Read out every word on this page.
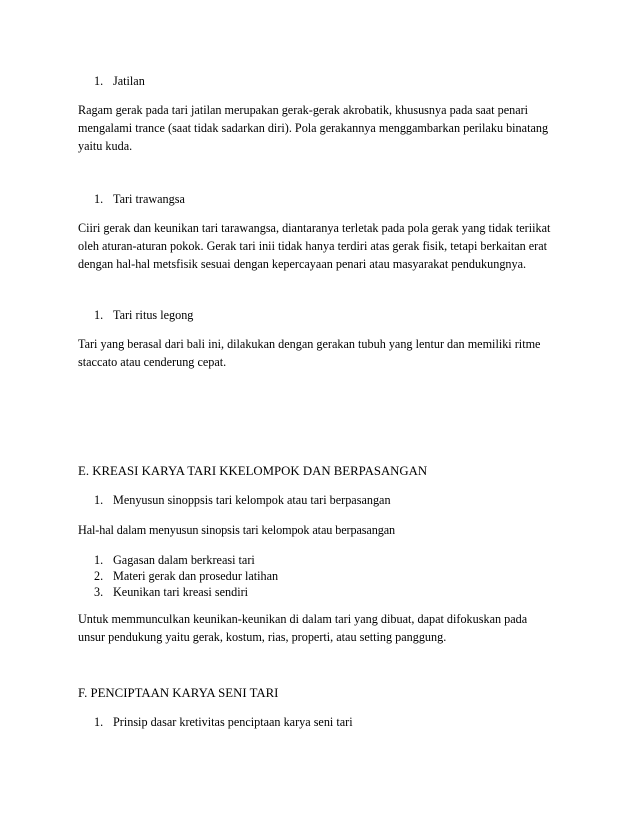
1. Jatilan
Ragam gerak pada tari jatilan merupakan gerak-gerak akrobatik, khususnya pada saat penari
mengalami trance (saat tidak sadarkan diri). Pola gerakannya menggambarkan perilaku binatang
yaitu kuda.
1. Tari trawangsa
Ciiri gerak dan keunikan tari tarawangsa, diantaranya terletak pada pola gerak yang tidak teriikat
oleh aturan-aturan pokok. Gerak tari inii tidak hanya terdiri atas gerak fisik, tetapi berkaitan erat
dengan hal-hal metsfisik sesuai dengan kepercayaan penari atau masyarakat pendukungnya.
1. Tari ritus legong
Tari yang berasal dari bali ini, dilakukan dengan gerakan tubuh yang lentur dan memiliki ritme
staccato atau cenderung cepat.
E. KREASI KARYA TARI KKELOMPOK DAN BERPASANGAN
1. Menyusun sinoppsis tari kelompok atau tari berpasangan
Hal-hal dalam menyusun sinopsis tari kelompok atau berpasangan
1. Gagasan dalam berkreasi tari
2. Materi gerak dan prosedur latihan
3. Keunikan tari kreasi sendiri
Untuk memmunculkan keunikan-keunikan di dalam tari yang dibuat, dapat difokuskan pada
unsur pendukung yaitu gerak, kostum, rias, properti, atau setting panggung.
F. PENCIPTAAN KARYA SENI TARI
1. Prinsip dasar kretivitas penciptaan karya seni tari
